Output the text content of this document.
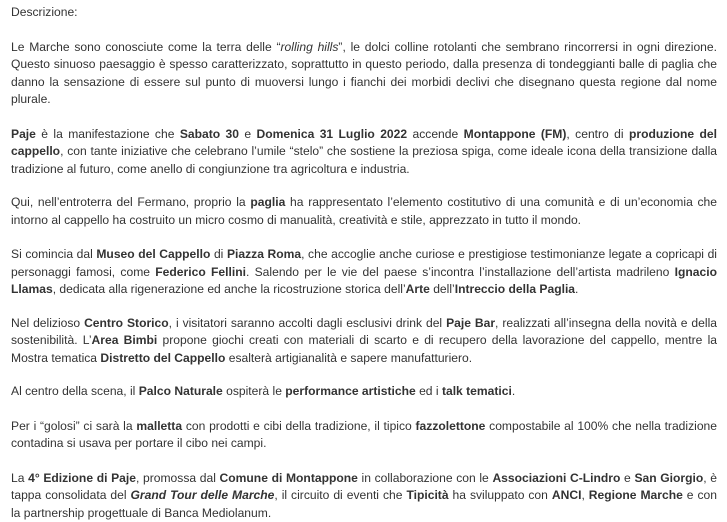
Descrizione:

Le Marche sono conosciute come la terra delle “rolling hills”, le dolci colline rotolanti che sembrano rincorrersi in ogni direzione. Questo sinuoso paesaggio è spesso caratterizzato, soprattutto in questo periodo, dalla presenza di tondeggianti balle di paglia che danno la sensazione di essere sul punto di muoversi lungo i fianchi dei morbidi declivi che disegnano questa regione dal nome plurale.

Paje è la manifestazione che Sabato 30 e Domenica 31 Luglio 2022 accende Montappone (FM), centro di produzione del cappello, con tante iniziative che celebrano l’umile “stelo” che sostiene la preziosa spiga, come ideale icona della transizione dalla tradizione al futuro, come anello di congiunzione tra agricoltura e industria.

Qui, nell’entroterra del Fermano, proprio la paglia ha rappresentato l’elemento costitutivo di una comunità e di un’economia che intorno al cappello ha costruito un micro cosmo di manualità, creatività e stile, apprezzato in tutto il mondo.

Si comincia dal Museo del Cappello di Piazza Roma, che accoglie anche curiose e prestigiose testimonianze legate a copricapi di personaggi famosi, come Federico Fellini. Salendo per le vie del paese s’incontra l’installazione dell’artista madrileno Ignacio Llamas, dedicata alla rigenerazione ed anche la ricostruzione storica dell’Arte dell’Intreccio della Paglia.

Nel delizioso Centro Storico, i visitatori saranno accolti dagli esclusivi drink del Paje Bar, realizzati all’insegna della novità e della sostenibilità. L’Area Bimbi propone giochi creati con materiali di scarto e di recupero della lavorazione del cappello, mentre la Mostra tematica Distretto del Cappello esalterà artigianalità e sapere manufatturiero.

Al centro della scena, il Palco Naturale ospiterà le performance artistiche ed i talk tematici.

Per i “golosi” ci sarà la malletta con prodotti e cibi della tradizione, il tipico fazzolettone compostabile al 100% che nella tradizione contadina si usava per portare il cibo nei campi.

La 4° Edizione di Paje, promossa dal Comune di Montappone in collaborazione con le Associazioni C-Lindro e San Giorgio, è tappa consolidata del Grand Tour delle Marche, il circuito di eventi che Tipicità ha sviluppato con ANCI, Regione Marche e con la partnership progettuale di Banca Mediolanum.
